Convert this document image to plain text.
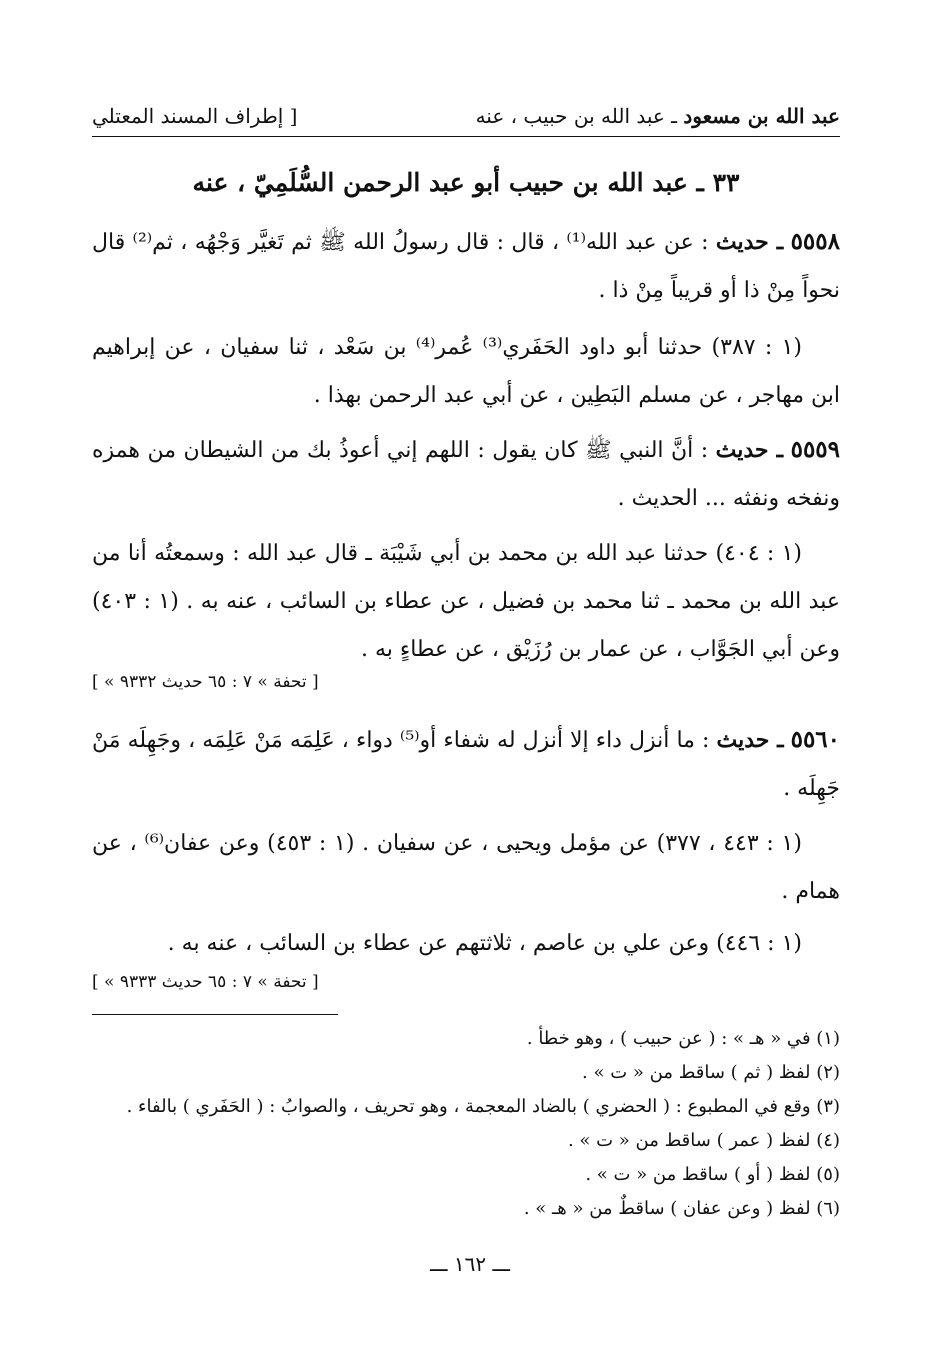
عبد الله بن مسعود ـ عبد الله بن حبيب ، عنه
[ إطراف المسند المعتلي
٣٣ ـ عبد الله بن حبيب أبو عبد الرحمن السُّلَمِيّ ، عنه
٥٥٥٨ ـ حديث : عن عبد الله⁽¹⁾ ، قال : قال رسولُ الله ﷺ ثم تَغيَّر وَجْهُه ، ثم⁽²⁾ قال نحواً مِنْ ذا أو قريباً مِنْ ذا .
(١ : ٣٨٧) حدثنا أبو داود الحَفَري⁽³⁾ عُمر⁽⁴⁾ بن سَعْد ، ثنا سفيان ، عن إبراهيم ابن مهاجر ، عن مسلم البَطِين ، عن أبي عبد الرحمن بهذا .
٥٥٥٩ ـ حديث : أنَّ النبي ﷺ كان يقول : اللهم إني أعوذُ بك من الشيطان من همزه ونفخه ونفثه ... الحديث .
(١ : ٤٠٤) حدثنا عبد الله بن محمد بن أبي شَيْبَة ـ قال عبد الله : وسمعتُه أنا من عبد الله بن محمد ـ ثنا محمد بن فضيل ، عن عطاء بن السائب ، عنه به . (١ : ٤٠٣) وعن أبي الجَوَّاب ، عن عمار بن رُزَيْق ، عن عطاءٍ به .
[ « تحفة » ٧ : ٦٥ حديث ٩٣٣٢ ]
٥٥٦٠ ـ حديث : ما أنزل داء إلا أنزل له شفاء أو⁽⁵⁾ دواء ، عَلِمَه مَنْ عَلِمَه ، وجَهِلَه مَنْ جَهِلَه .
(١ : ٤٤٣ ، ٣٧٧) عن مؤمل ويحيى ، عن سفيان . (١ : ٤٥٣) وعن عفان⁽⁶⁾ ، عن همام .
(١ : ٤٤٦) وعن علي بن عاصم ، ثلاثتهم عن عطاء بن السائب ، عنه به .
[ « تحفة » ٧ : ٦٥ حديث ٩٣٣٣ ]
(١) في « هـ » : ( عن حبيب ) ، وهو خطأ .
(٢) لفظ ( ثم ) ساقط من « ت » .
(٣) وقع في المطبوع : ( الحضري ) بالضاد المعجمة ، وهو تحريف ، والصوابُ : ( الحَفَري ) بالفاء .
(٤) لفظ ( عمر ) ساقط من « ت » .
(٥) لفظ ( أو ) ساقط من « ت » .
(٦) لفظ ( وعن عفان ) ساقطٌ من « هـ » .
ـــ ١٦٢ ـــ
